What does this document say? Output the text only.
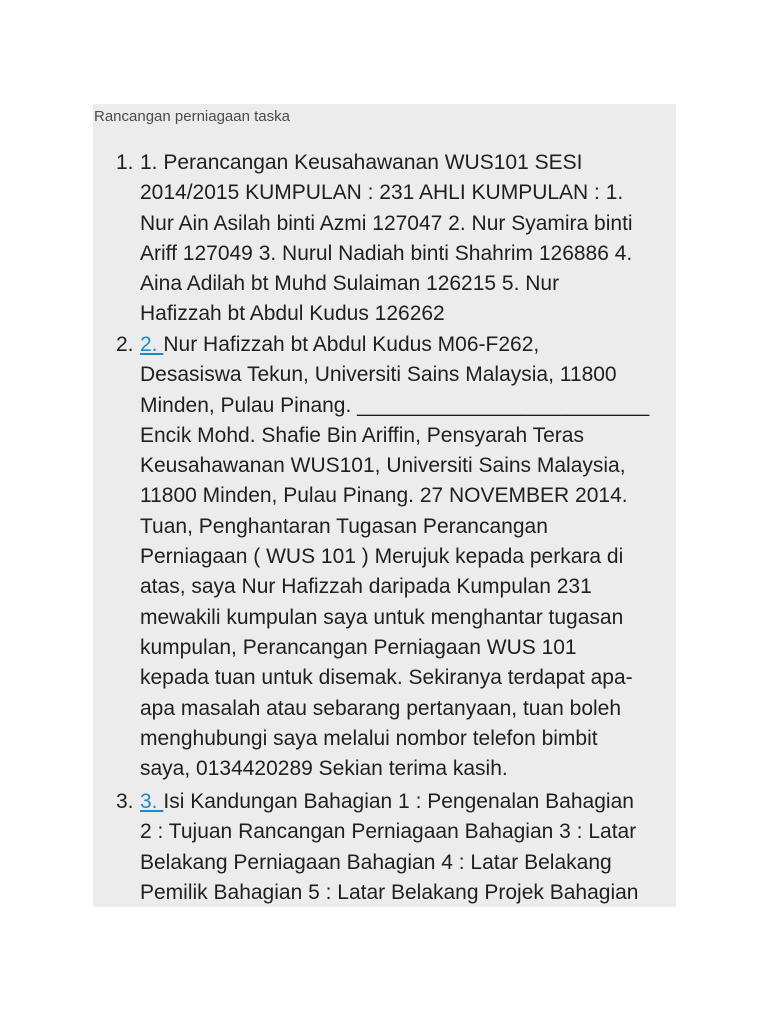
Rancangan perniagaan taska
1. 1. Perancangan Keusahawanan WUS101 SESI
2014/2015 KUMPULAN : 231 AHLI KUMPULAN : 1.
Nur Ain Asilah binti Azmi 127047 2. Nur Syamira binti
Ariff 127049 3. Nurul Nadiah binti Shahrim 126886 4.
Aina Adilah bt Muhd Sulaiman 126215 5. Nur
Hafizzah bt Abdul Kudus 126262
2. 2. Nur Hafizzah bt Abdul Kudus M06-F262,
Desasiswa Tekun, Universiti Sains Malaysia, 11800
Minden, Pulau Pinang. _________________________
Encik Mohd. Shafie Bin Ariffin, Pensyarah Teras
Keusahawanan WUS101, Universiti Sains Malaysia,
11800 Minden, Pulau Pinang. 27 NOVEMBER 2014.
Tuan, Penghantaran Tugasan Perancangan
Perniagaan ( WUS 101 ) Merujuk kepada perkara di
atas, saya Nur Hafizzah daripada Kumpulan 231
mewakili kumpulan saya untuk menghantar tugasan
kumpulan, Perancangan Perniagaan WUS 101
kepada tuan untuk disemak. Sekiranya terdapat apa-
apa masalah atau sebarang pertanyaan, tuan boleh
menghubungi saya melalui nombor telefon bimbit
saya, 0134420289 Sekian terima kasih.
3. 3. Isi Kandungan Bahagian 1 : Pengenalan Bahagian
2 : Tujuan Rancangan Perniagaan Bahagian 3 : Latar
Belakang Perniagaan Bahagian 4 : Latar Belakang
Pemilik Bahagian 5 : Latar Belakang Projek Bahagian
